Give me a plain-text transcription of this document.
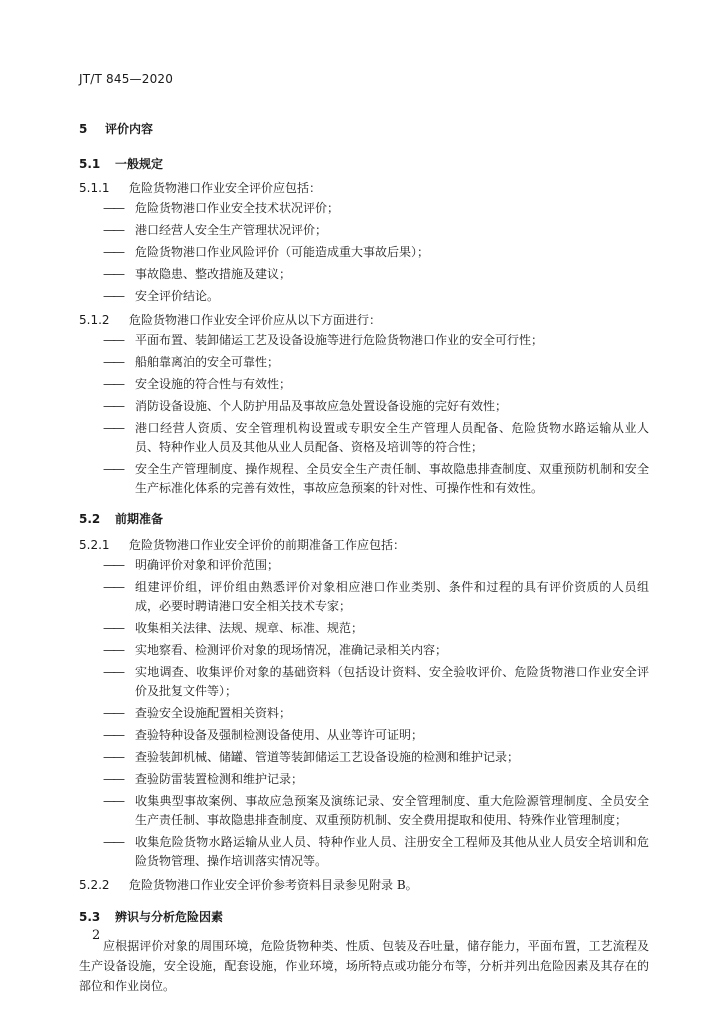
JT/T 845—2020
5 评价内容
5.1 一般规定

5.1.1 危险货物港口作业安全评价应包括：

——	危险货物港口作业安全技术状况评价；

——	港口经营人安全生产管理状况评价；

——	危险货物港口作业风险评价（可能造成重大事故后果）；

——	事故隐患、整改措施及建议；

——	安全评价结论。

5.1.2 危险货物港口作业安全评价应从以下方面进行：

——	平面布置、装卸储运工艺及设备设施等进行危险货物港口作业的安全可行性；

——	船舶靠离泊的安全可靠性；

——	安全设施的符合性与有效性；

——	消防设备设施、个人防护用品及事故应急处置设备设施的完好有效性；

——	港口经营人资质、安全管理机构设置或专职安全生产管理人员配备、危险货物水路运输从业人员、特种作业人员及其他从业人员配备、资格及培训等的符合性；

——	安全生产管理制度、操作规程、全员安全生产责任制、事故隐患排查制度、双重预防机制和安全生产标准化体系的完善有效性，事故应急预案的针对性、可操作性和有效性。

5.2 前期准备

5.2.1 危险货物港口作业安全评价的前期准备工作应包括：

——	明确评价对象和评价范围；

——	组建评价组，评价组由熟悉评价对象相应港口作业类别、条件和过程的具有评价资质的人员组成，必要时聘请港口安全相关技术专家；

——	收集相关法律、法规、规章、标准、规范；

——	实地察看、检测评价对象的现场情况，准确记录相关内容；

——	实地调查、收集评价对象的基础资料（包括设计资料、安全验收评价、危险货物港口作业安全评价及批复文件等）；

——	查验安全设施配置相关资料；

——	查验特种设备及强制检测设备使用、从业等许可证明；

——	查验装卸机械、储罐、管道等装卸储运工艺设备设施的检测和维护记录；

——	查验防雷装置检测和维护记录；

——	收集典型事故案例、事故应急预案及演练记录、安全管理制度、重大危险源管理制度、全员安全生产责任制、事故隐患排查制度、双重预防机制、安全费用提取和使用、特殊作业管理制度；

——	收集危险货物水路运输从业人员、特种作业人员、注册安全工程师及其他从业人员安全培训和危险货物管理、操作培训落实情况等。

5.2.2 危险货物港口作业安全评价参考资料目录参见附录 B。

5.3 辨识与分析危险因素

应根据评价对象的周围环境，危险货物种类、性质、包装及吞吐量，储存能力，平面布置，工艺流程及生产设备设施，安全设施，配套设施，作业环境，场所特点或功能分布等，分析并列出危险因素及其存在的部位和作业岗位。

2
